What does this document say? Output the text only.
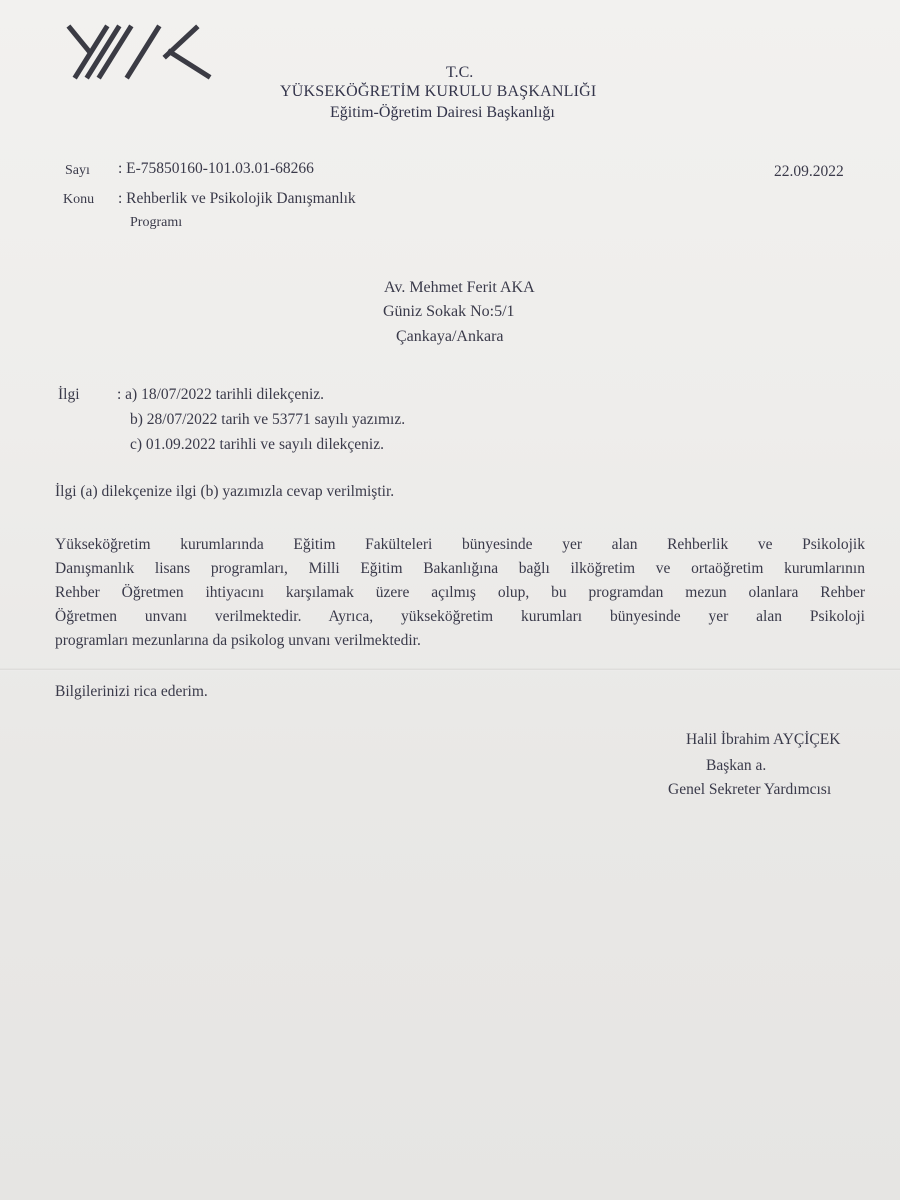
T.C.
YÜKSEKÖĞRETİM KURULU BAŞKANLIĞI
Eğitim-Öğretim Dairesi Başkanlığı
Sayı : E-75850160-101.03.01-68266	22.09.2022
Konu : Rehberlik ve Psikolojik Danışmanlık
Programı
Av. Mehmet Ferit AKA
Güniz Sokak No:5/1
Çankaya/Ankara
İlgi : a) 18/07/2022 tarihli dilekçeniz.
b) 28/07/2022 tarih ve 53771 sayılı yazımız.
c) 01.09.2022 tarihli ve sayılı dilekçeniz.
İlgi (a) dilekçenize ilgi (b) yazımızla cevap verilmiştir.
Yükseköğretim kurumlarında Eğitim Fakülteleri bünyesinde yer alan Rehberlik ve Psikolojik
Danışmanlık lisans programları, Milli Eğitim Bakanlığına bağlı ilköğretim ve ortaöğretim kurumlarının
Rehber Öğretmen ihtiyacını karşılamak üzere açılmış olup, bu programdan mezun olanlara Rehber
Öğretmen unvanı verilmektedir. Ayrıca, yükseköğretim kurumları bünyesinde yer alan Psikoloji
programları mezunlarına da psikolog unvanı verilmektedir.
Bilgilerinizi rica ederim.
Halil İbrahim AYÇİÇEK
Başkan a.
Genel Sekreter Yardımcısı
